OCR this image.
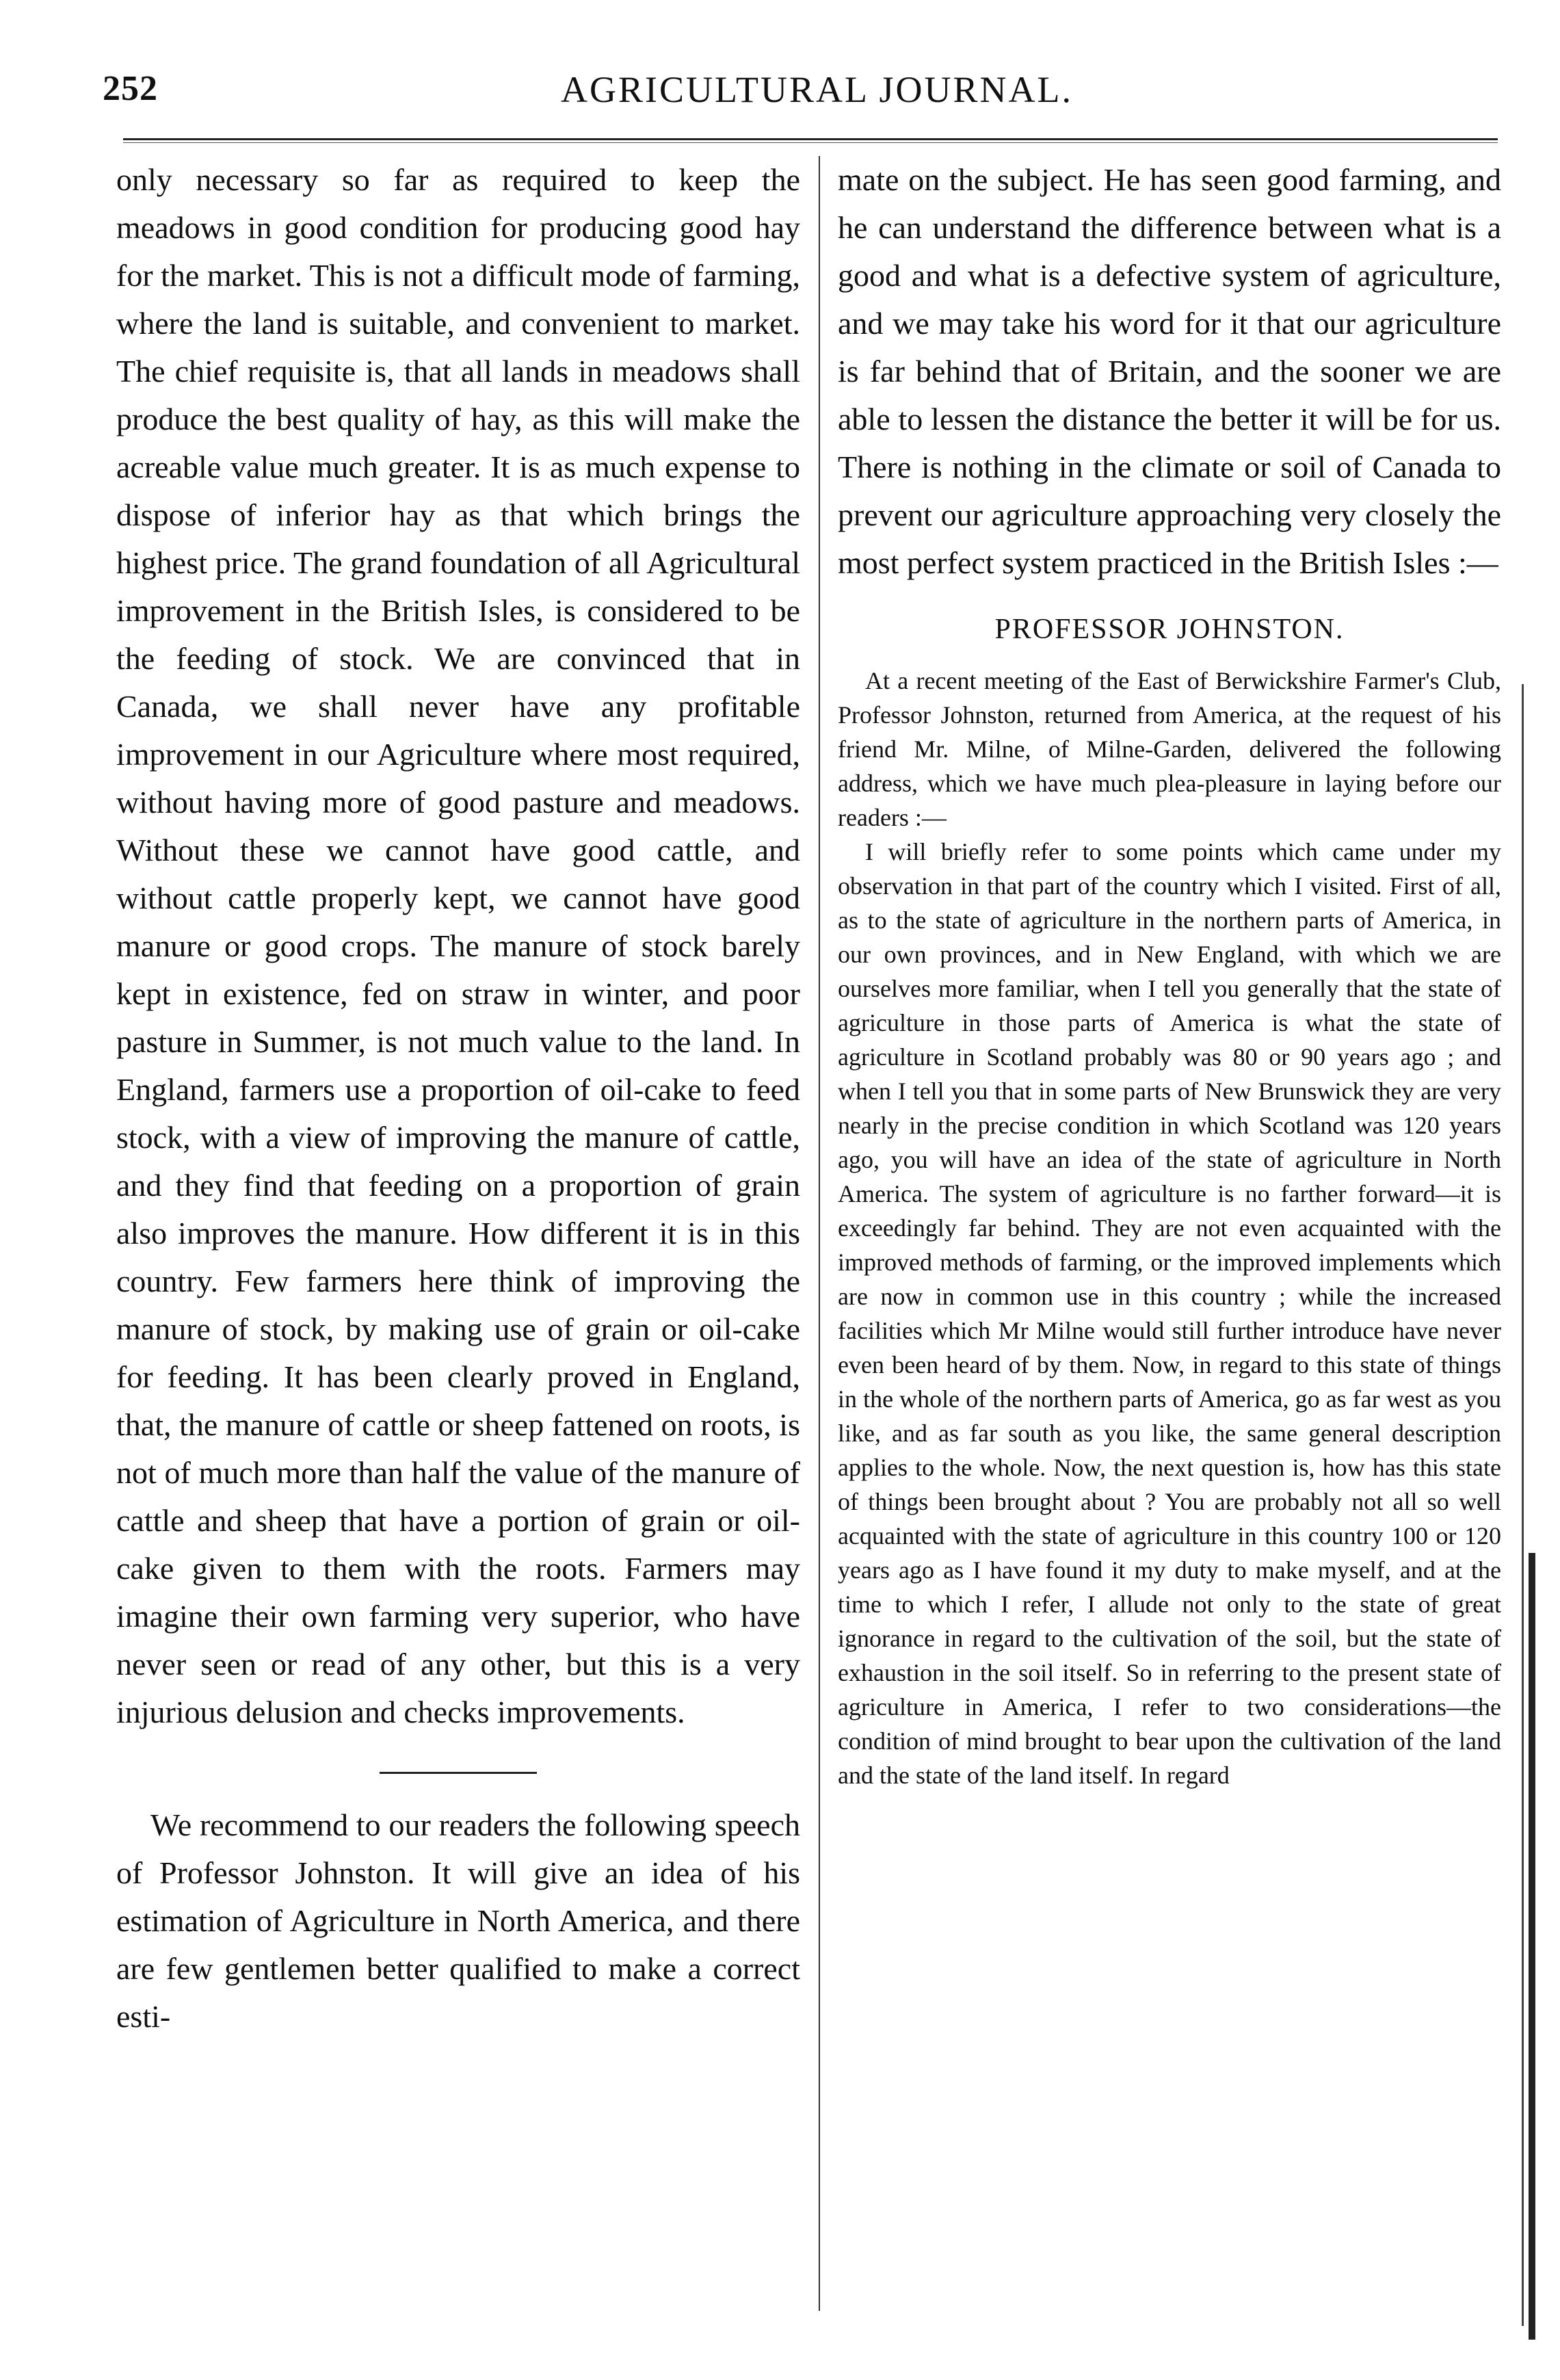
252	AGRICULTURAL JOURNAL.

only necessary so far as required to keep the meadows in good condition for producing good hay for the market. This is not a difficult mode of farming, where the land is suitable, and convenient to market. The chief requisite is, that all lands in meadows shall produce the best quality of hay, as this will make the acreable value much greater. It is as much expense to dispose of inferior hay as that which brings the highest price. The grand foundation of all Agricultural improvement in the British Isles, is considered to be the feeding of stock. We are convinced that in Canada, we shall never have any profitable improvement in our Agriculture where most required, without having more of good pasture and meadows. Without these we cannot have good cattle, and without cattle properly kept, we cannot have good manure or good crops. The manure of stock barely kept in existence, fed on straw in winter, and poor pasture in Summer, is not much value to the land. In England, farmers use a proportion of oil-cake to feed stock, with a view of improving the manure of cattle, and they find that feeding on a proportion of grain also improves the manure. How different it is in this country. Few farmers here think of improving the manure of stock, by making use of grain or oil-cake for feeding. It has been clearly proved in England, that, the manure of cattle or sheep fattened on roots, is not of much more than half the value of the manure of cattle and sheep that have a portion of grain or oil-cake given to them with the roots. Farmers may imagine their own farming very superior, who have never seen or read of any other, but this is a very injurious delusion and checks improvements.

We recommend to our readers the following speech of Professor Johnston. It will give an idea of his estimation of Agriculture in North America, and there are few gentlemen better qualified to make a correct esti-

mate on the subject. He has seen good farming, and he can understand the difference between what is a good and what is a defective system of agriculture, and we may take his word for it that our agriculture is far behind that of Britain, and the sooner we are able to lessen the distance the better it will be for us. There is nothing in the climate or soil of Canada to prevent our agriculture approaching very closely the most perfect system practiced in the British Isles :—

PROFESSOR JOHNSTON.

At a recent meeting of the East of Berwickshire Farmer's Club, Professor Johnston, returned from America, at the request of his friend Mr. Milne, of Milne-Garden, delivered the following address, which we have much plea-pleasure in laying before our readers :—

I will briefly refer to some points which came under my observation in that part of the country which I visited. First of all, as to the state of agriculture in the northern parts of America, in our own provinces, and in New England, with which we are ourselves more familiar, when I tell you generally that the state of agriculture in those parts of America is what the state of agriculture in Scotland probably was 80 or 90 years ago ; and when I tell you that in some parts of New Brunswick they are very nearly in the precise condition in which Scotland was 120 years ago, you will have an idea of the state of agriculture in North America. The system of agriculture is no farther forward—it is exceedingly far behind. They are not even acquainted with the improved methods of farming, or the improved implements which are now in common use in this country ; while the increased facilities which Mr Milne would still further introduce have never even been heard of by them. Now, in regard to this state of things in the whole of the northern parts of America, go as far west as you like, and as far south as you like, the same general description applies to the whole. Now, the next question is, how has this state of things been brought about ? You are probably not all so well acquainted with the state of agriculture in this country 100 or 120 years ago as I have found it my duty to make myself, and at the time to which I refer, I allude not only to the state of great ignorance in regard to the cultivation of the soil, but the state of exhaustion in the soil itself. So in referring to the present state of agriculture in America, I refer to two considerations—the condition of mind brought to bear upon the cultivation of the land and the state of the land itself. In regard
